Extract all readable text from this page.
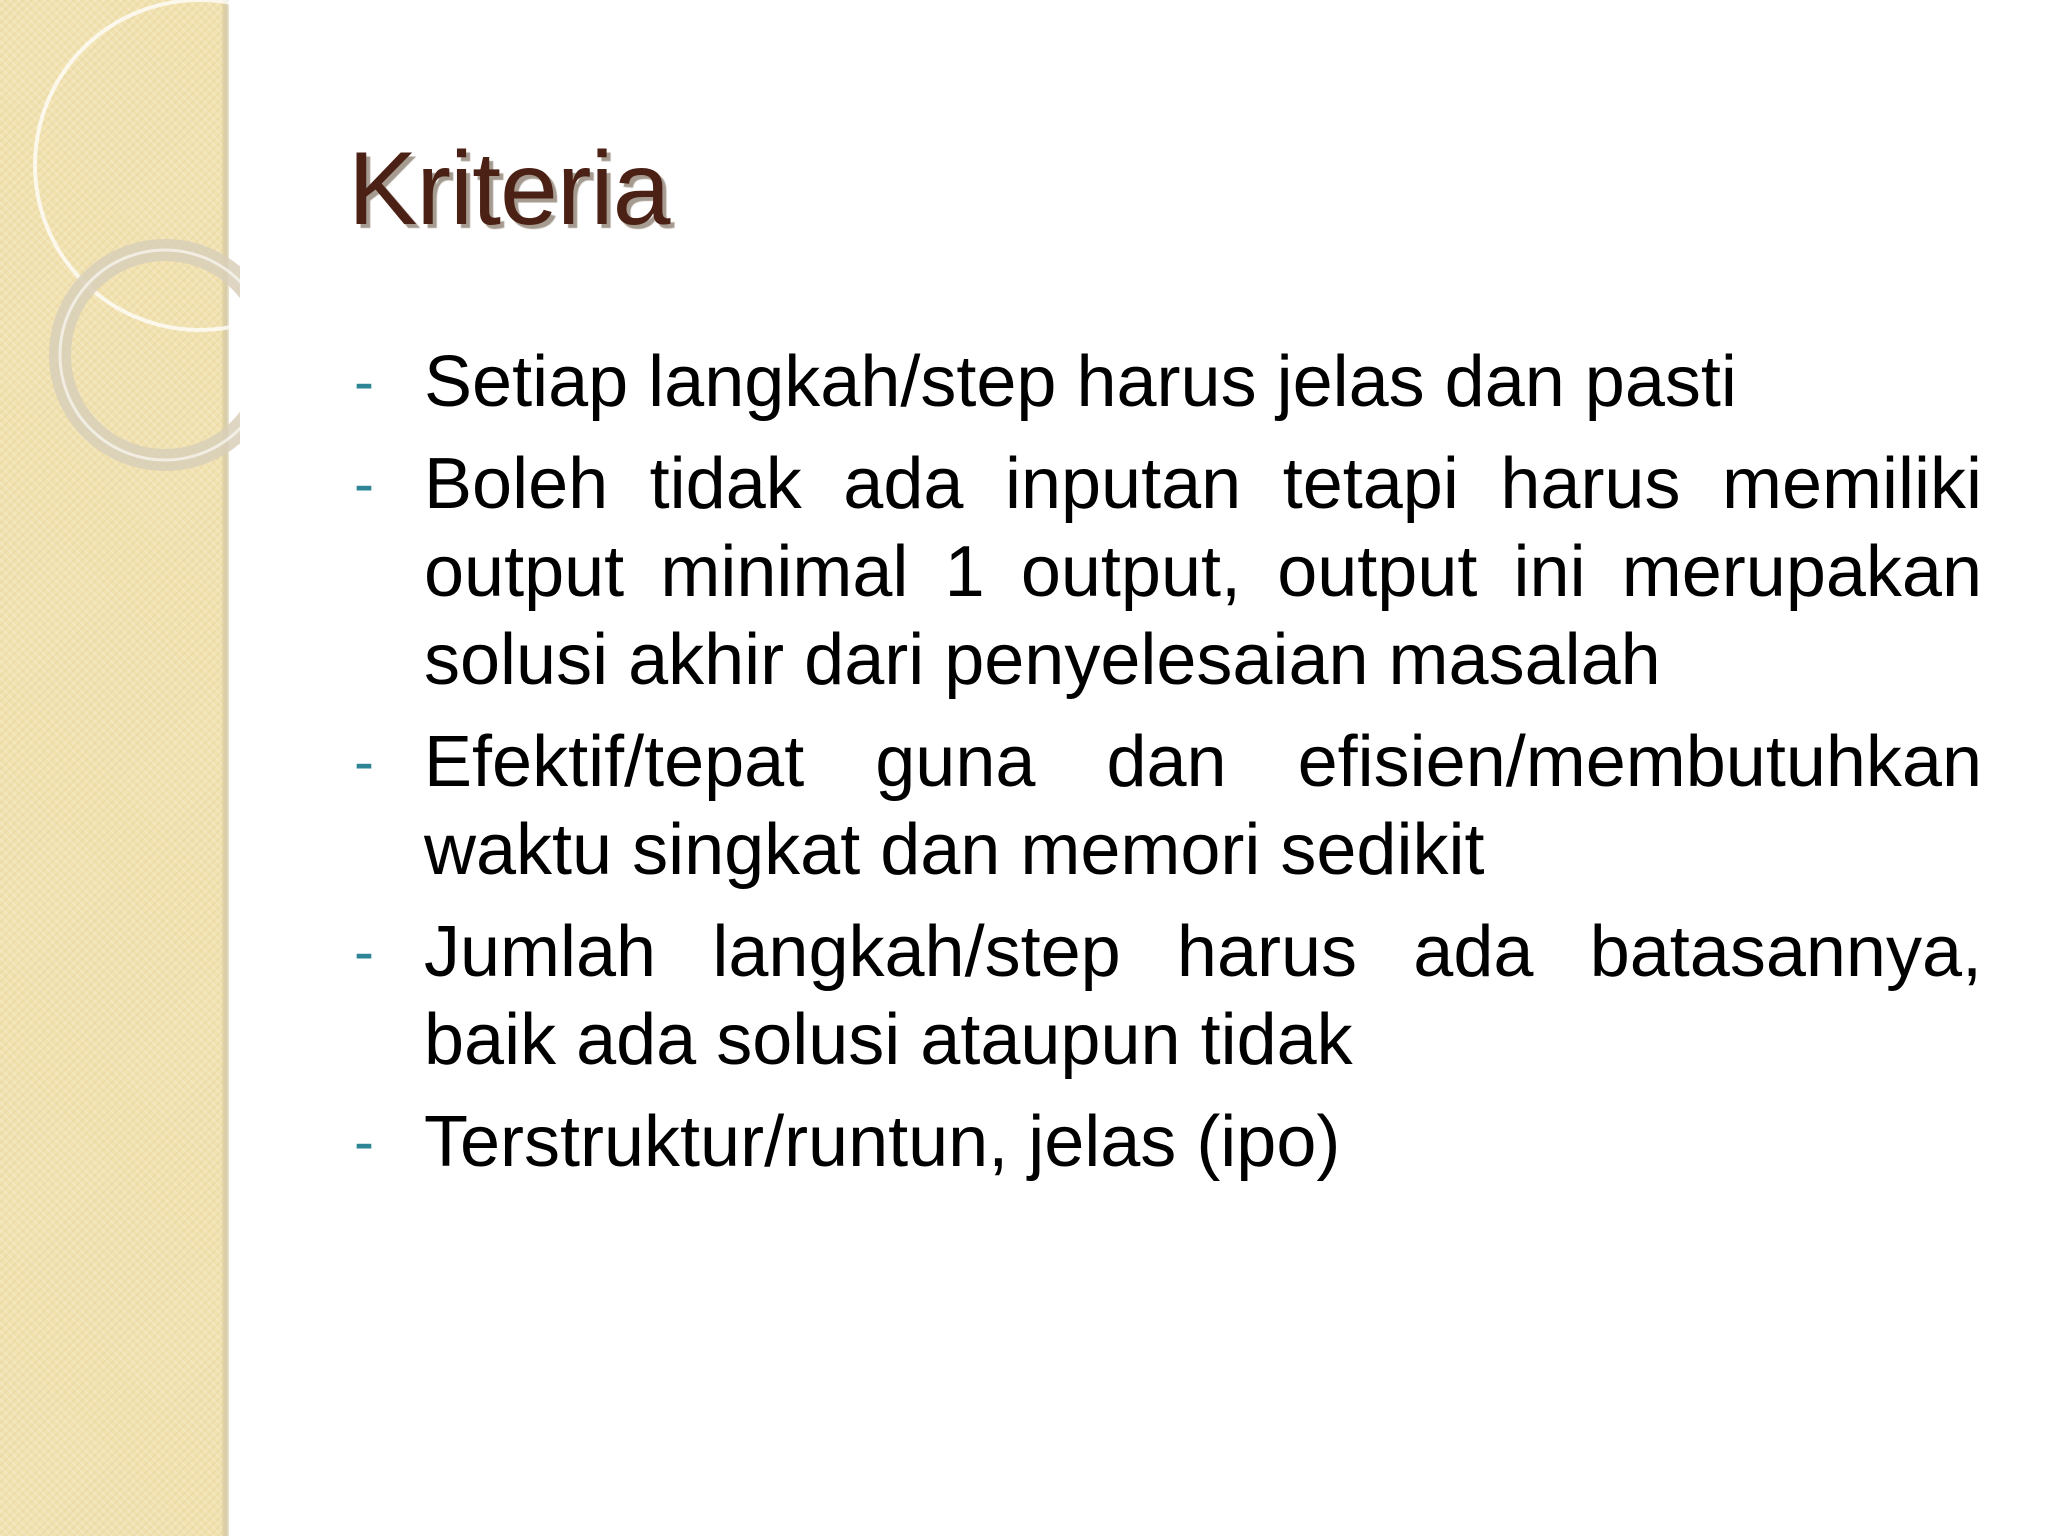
Kriteria
- Setiap langkah/step harus jelas dan pasti
- Boleh tidak ada inputan tetapi harus memiliki output minimal 1 output, output ini merupakan solusi akhir dari penyelesaian masalah
- Efektif/tepat guna dan efisien/membutuhkan waktu singkat dan memori sedikit
- Jumlah langkah/step harus ada batasannya, baik ada solusi ataupun tidak
- Terstruktur/runtun, jelas (ipo)
